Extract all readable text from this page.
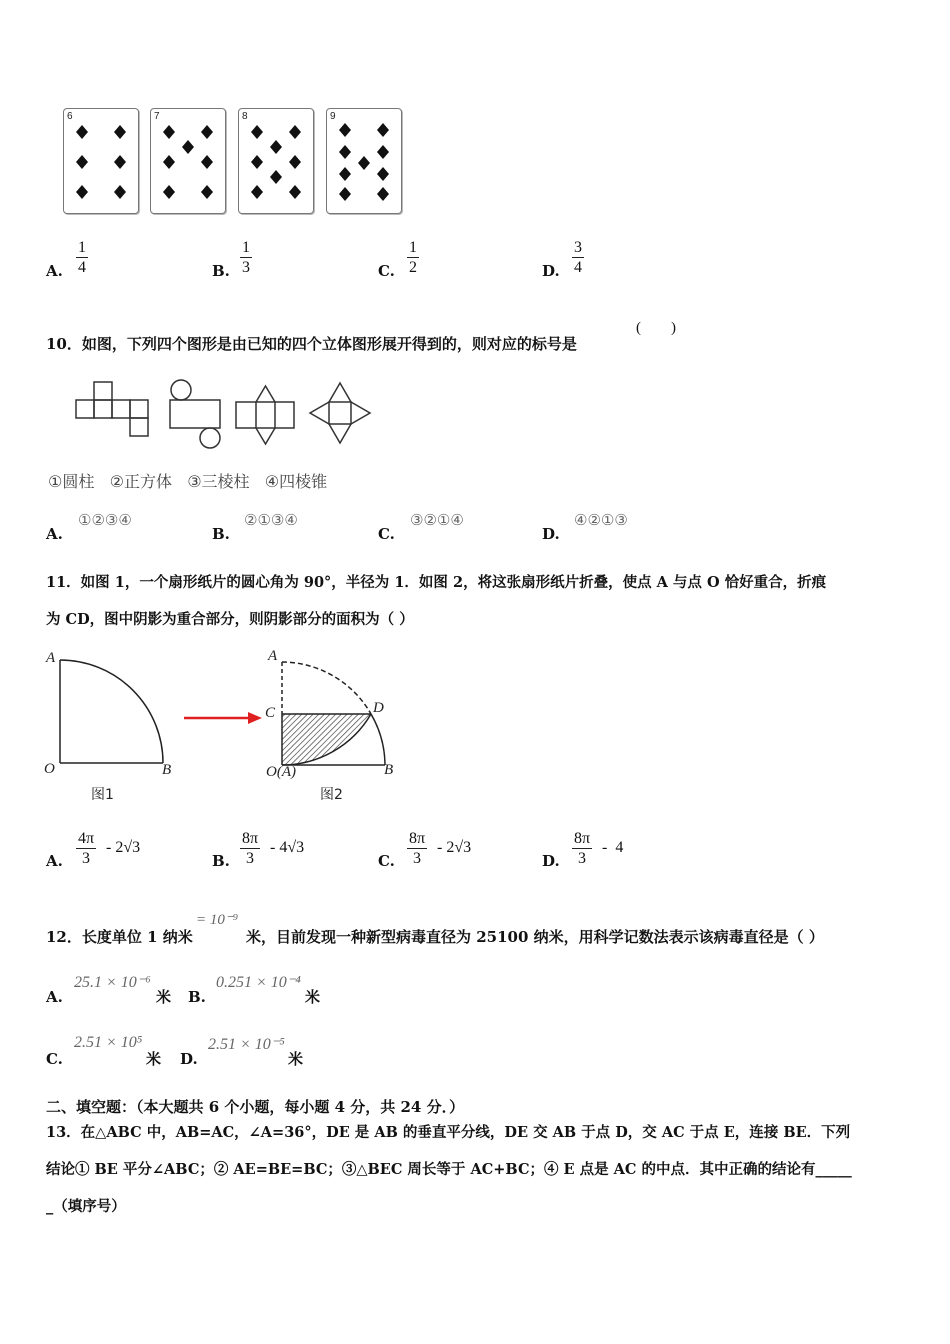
6	7	8	9
A. $\frac{1}{4}$	B. $\frac{1}{3}$	C. $\frac{1}{2}$	D. $\frac{3}{4}$
10．如图，下列四个图形是由已知的四个立体图形展开得到的，则对应的标号是
(        )
①圆柱   ②正方体   ③三棱柱   ④四棱锥
A.
①②③④
B.
②①③④
C.
③②①④
D.
④②①③
11．如图 1，一个扇形纸片的圆心角为 90°，半径为 1．如图 2，将这张扇形纸片折叠，使点 A 与点 O 恰好重合，折痕
为 CD，图中阴影为重合部分，则阴影部分的面积为（ ）
A
O	B
图1
A
C	D
O(A)	B
图2
A. $\frac{4\pi}{3} - 2√3$
B. $\frac{8\pi}{3} - 4√3$
C. $\frac{8\pi}{3} - 2√3$
D. $\frac{8\pi}{3} - 4$
12．长度单位 1 纳米
= 10⁻⁹
米，目前发现一种新型病毒直径为 25100 纳米，用科学记数法表示该病毒直径是（ ）
A.
25.1 × 10⁻⁶
米 B.
0.251 × 10⁻⁴
米
C.
2.51 × 10⁵
米 D.
2.51 × 10⁻⁵
米
二、填空题：（本大题共 6 个小题，每小题 4 分，共 24 分．）
13．在△ABC 中，AB=AC，∠A=36°，DE 是 AB 的垂直平分线，DE 交 AB 于点 D，交 AC 于点 E，连接 BE．下列
结论① BE 平分∠ABC；② AE=BE=BC；③△BEC 周长等于 AC+BC；④ E 点是 AC 的中点．其中正确的结论有_____
_（填序号）
